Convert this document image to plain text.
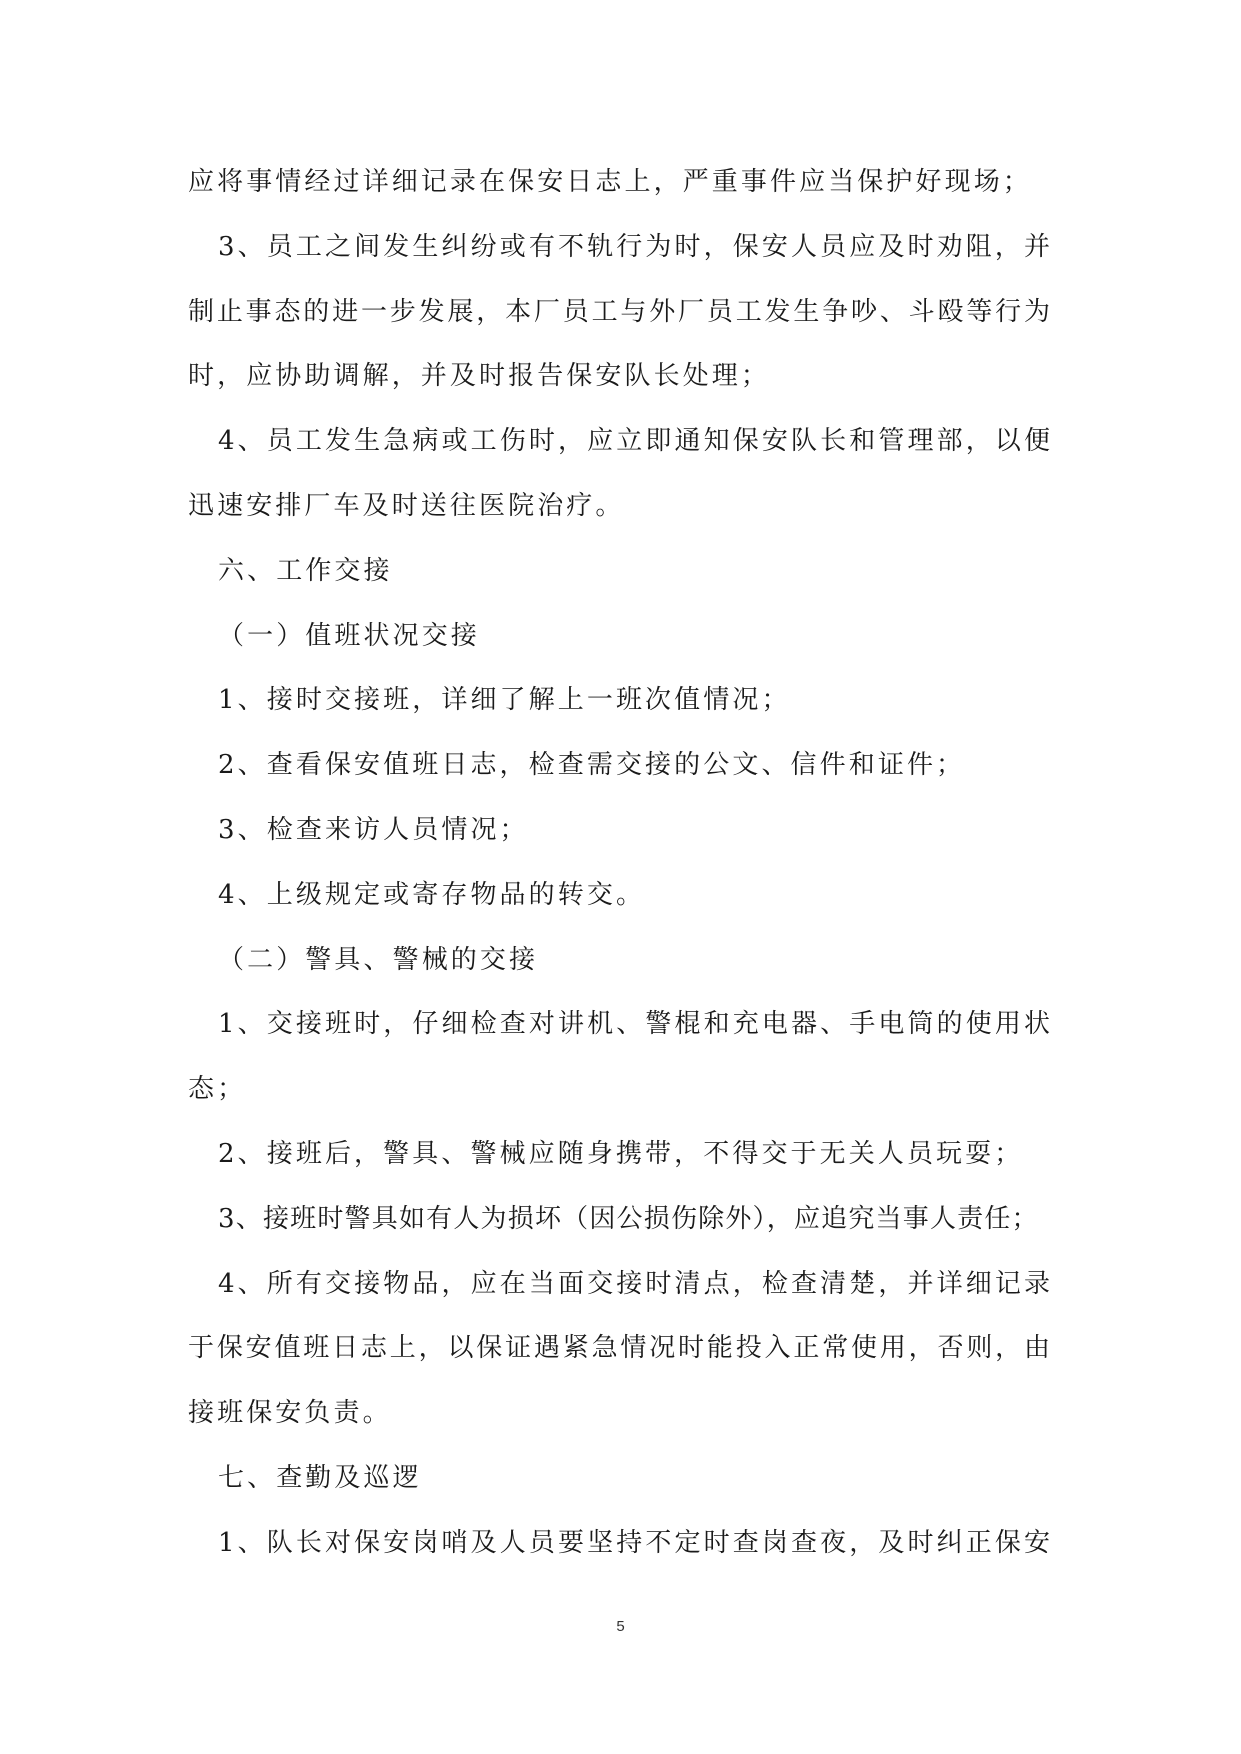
应将事情经过详细记录在保安日志上，严重事件应当保护好现场；
3、员工之间发生纠纷或有不轨行为时，保安人员应及时劝阻，并
制止事态的进一步发展，本厂员工与外厂员工发生争吵、斗殴等行为
时，应协助调解，并及时报告保安队长处理；
4、员工发生急病或工伤时，应立即通知保安队长和管理部，以便
迅速安排厂车及时送往医院治疗。
六、工作交接
（一）值班状况交接
1、接时交接班，详细了解上一班次值情况；
2、查看保安值班日志，检查需交接的公文、信件和证件；
3、检查来访人员情况；
4、上级规定或寄存物品的转交。
（二）警具、警械的交接
1、交接班时，仔细检查对讲机、警棍和充电器、手电筒的使用状
态；
2、接班后，警具、警械应随身携带，不得交于无关人员玩耍；
3、接班时警具如有人为损坏（因公损伤除外），应追究当事人责任；
4、所有交接物品，应在当面交接时清点，检查清楚，并详细记录
于保安值班日志上，以保证遇紧急情况时能投入正常使用，否则，由
接班保安负责。
七、查勤及巡逻
1、队长对保安岗哨及人员要坚持不定时查岗查夜，及时纠正保安
5
